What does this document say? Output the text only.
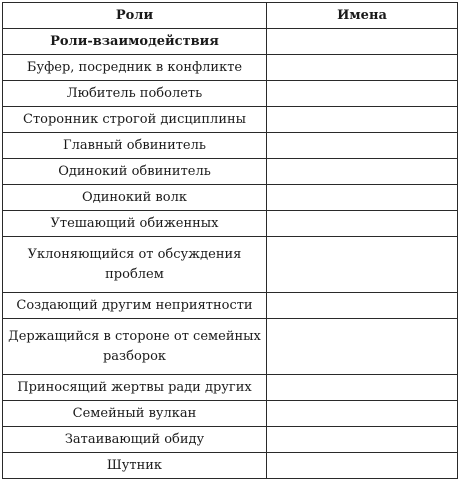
Роли	Имена
Роли-взаимодействия	
Буфер, посредник в конфликте	
Любитель поболеть	
Сторонник строгой дисциплины	
Главный обвинитель	
Одинокий обвинитель	
Одинокий волк	
Утешающий обиженных	
Уклоняющийся от обсуждения проблем	
Создающий другим неприятности	
Держащийся в стороне от семейных разборок	
Приносящий жертвы ради других	
Семейный вулкан	
Затаивающий обиду	
Шутник	
